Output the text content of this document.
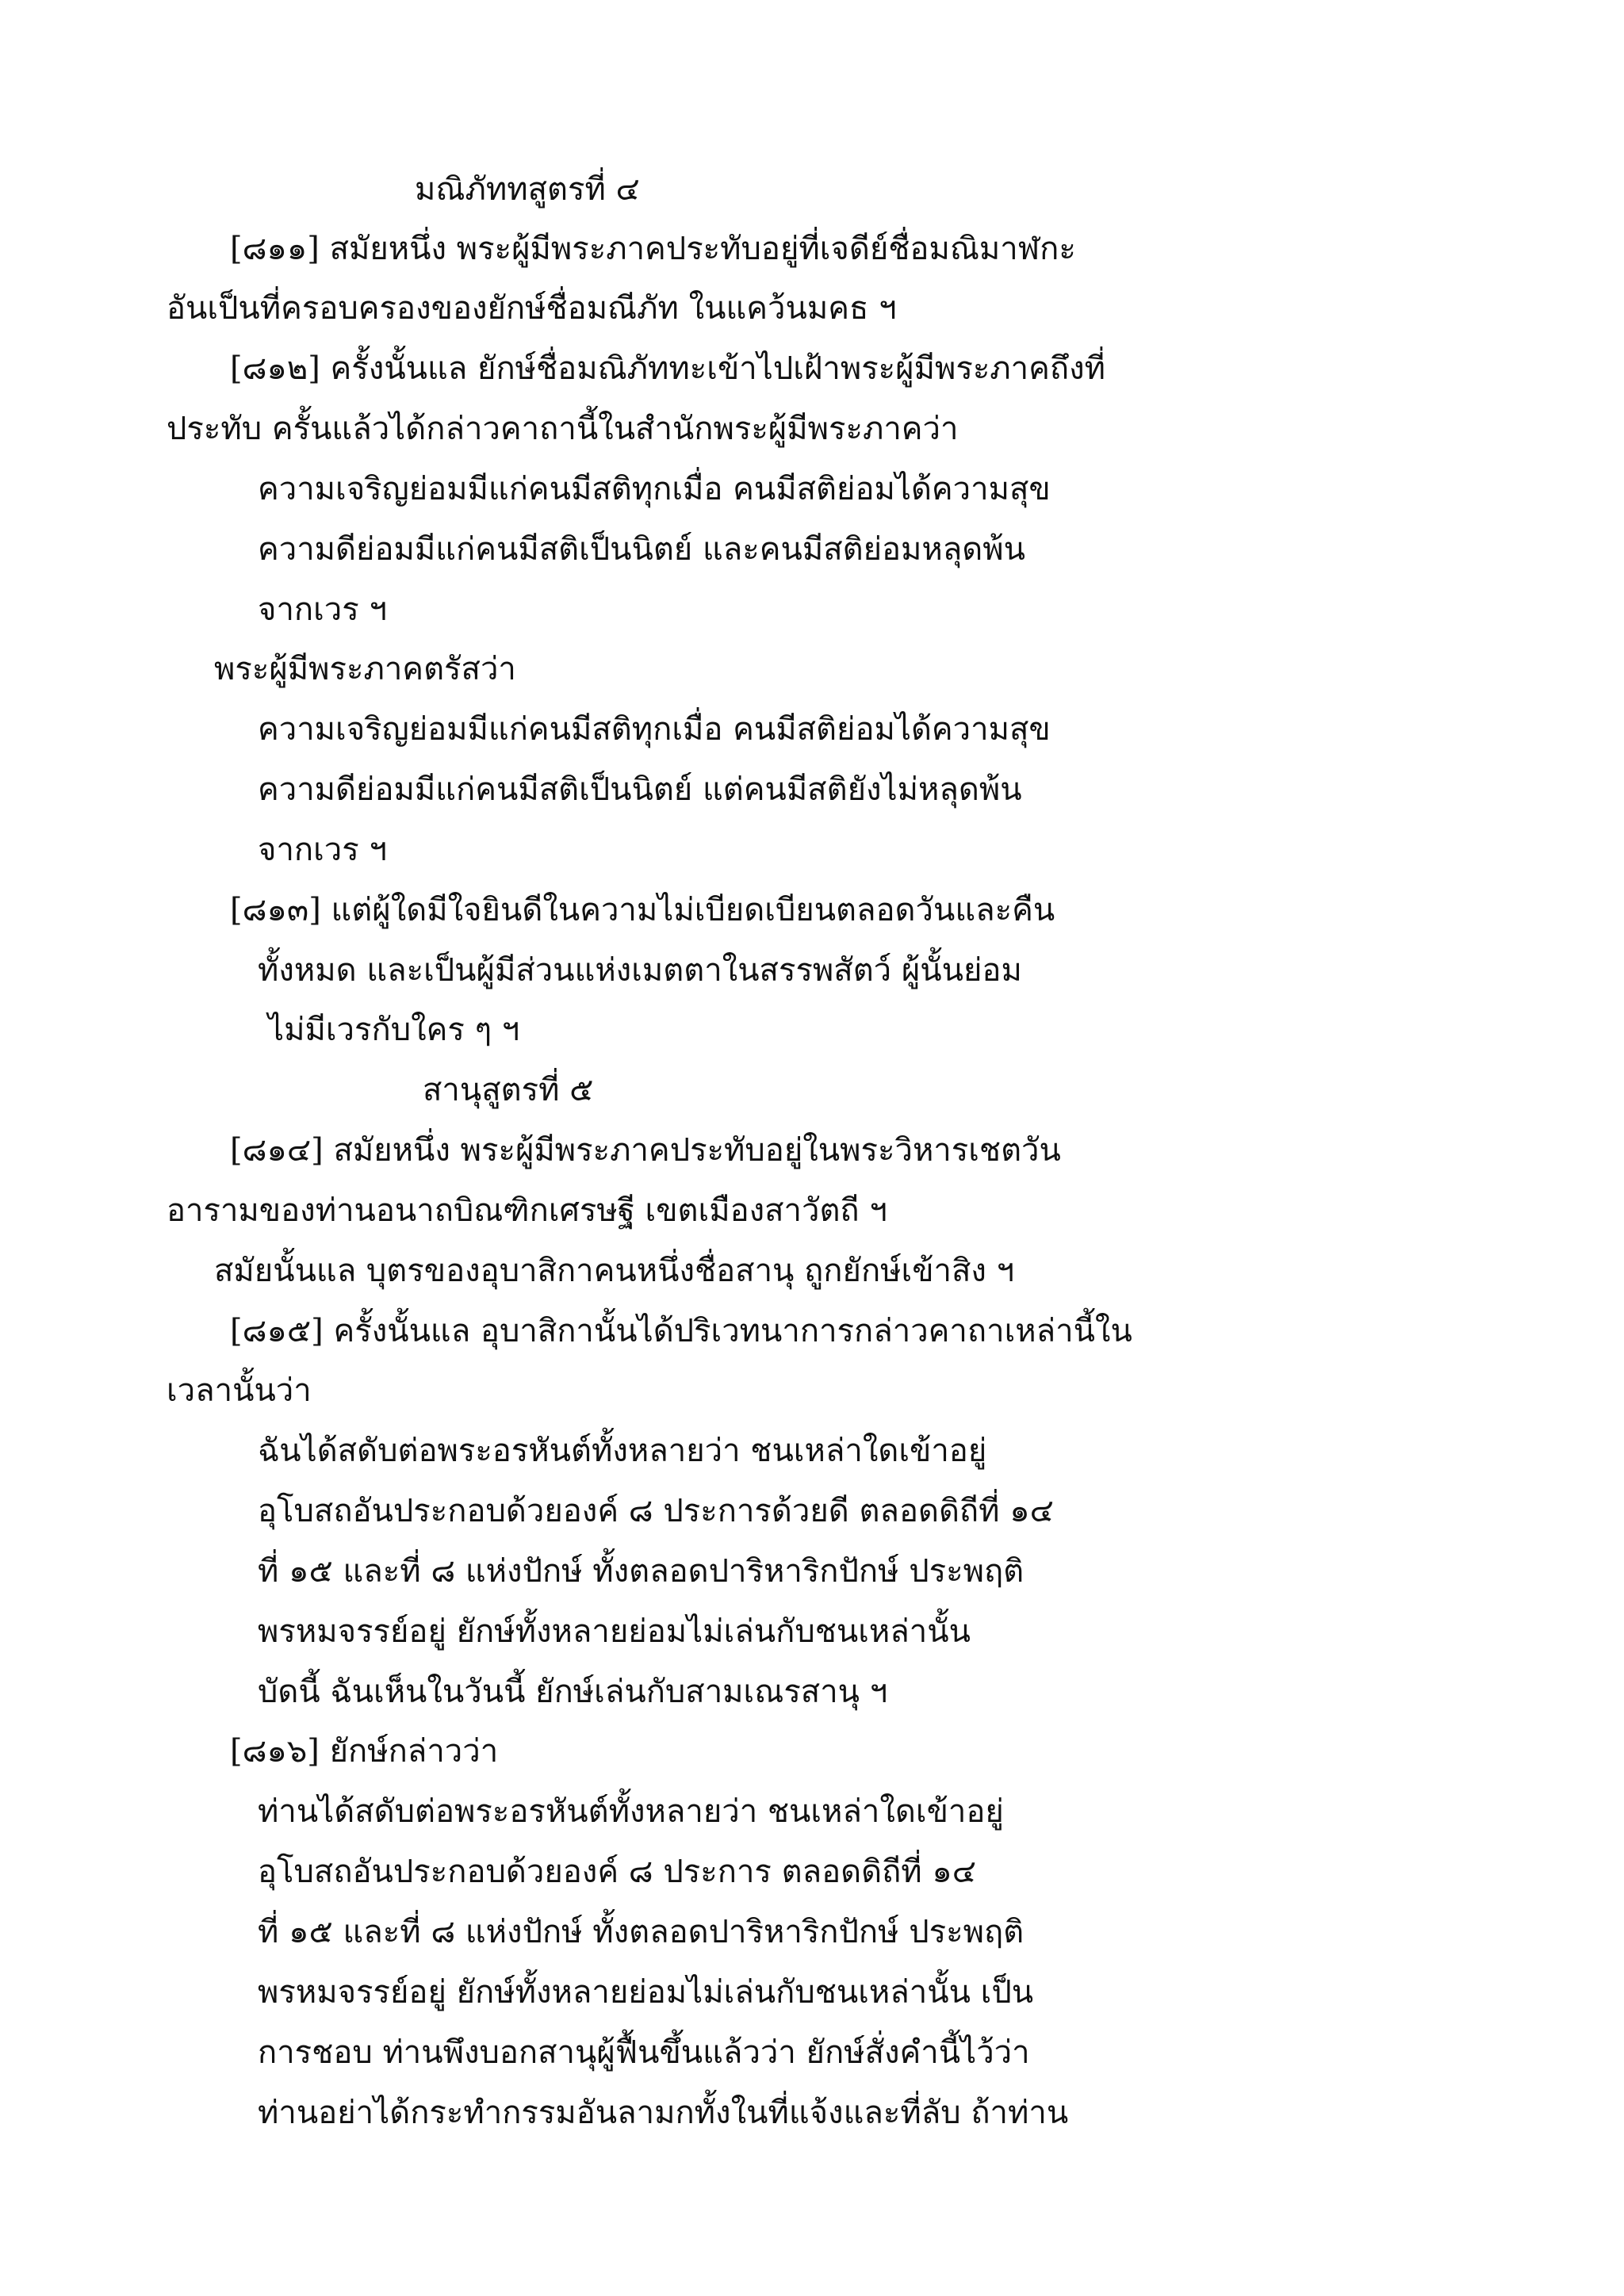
มณิภัททสูตรที่ ๔
[๘๑๑] สมัยหนึ่ง พระผู้มีพระภาคประทับอยู่ที่เจดีย์ชื่อมณิมาฬกะ
อันเป็นที่ครอบครองของยักษ์ชื่อมณีภัท ในแคว้นมคธ ฯ
[๘๑๒] ครั้งนั้นแล ยักษ์ชื่อมณิภัททะเข้าไปเฝ้าพระผู้มีพระภาคถึงที่
ประทับ ครั้นแล้วได้กล่าวคาถานี้ในสำนักพระผู้มีพระภาคว่า
ความเจริญย่อมมีแก่คนมีสติทุกเมื่อ คนมีสติย่อมได้ความสุข
ความดีย่อมมีแก่คนมีสติเป็นนิตย์ และคนมีสติย่อมหลุดพ้น
จากเวร ฯ
พระผู้มีพระภาคตรัสว่า
ความเจริญย่อมมีแก่คนมีสติทุกเมื่อ คนมีสติย่อมได้ความสุข
ความดีย่อมมีแก่คนมีสติเป็นนิตย์ แต่คนมีสติยังไม่หลุดพ้น
จากเวร ฯ
[๘๑๓] แต่ผู้ใดมีใจยินดีในความไม่เบียดเบียนตลอดวันและคืน
ทั้งหมด และเป็นผู้มีส่วนแห่งเมตตาในสรรพสัตว์ ผู้นั้นย่อม
ไม่มีเวรกับใคร ๆ ฯ
สานุสูตรที่ ๕
[๘๑๔] สมัยหนึ่ง พระผู้มีพระภาคประทับอยู่ในพระวิหารเชตวัน
อารามของท่านอนาถบิณฑิกเศรษฐี เขตเมืองสาวัตถี ฯ
สมัยนั้นแล บุตรของอุบาสิกาคนหนึ่งชื่อสานุ ถูกยักษ์เข้าสิง ฯ
[๘๑๕] ครั้งนั้นแล อุบาสิกานั้นได้ปริเวทนาการกล่าวคาถาเหล่านี้ใน
เวลานั้นว่า
ฉันได้สดับต่อพระอรหันต์ทั้งหลายว่า ชนเหล่าใดเข้าอยู่
อุโบสถอันประกอบด้วยองค์ ๘ ประการด้วยดี ตลอดดิถีที่ ๑๔
ที่ ๑๕ และที่ ๘ แห่งปักษ์ ทั้งตลอดปาริหาริกปักษ์ ประพฤติ
พรหมจรรย์อยู่ ยักษ์ทั้งหลายย่อมไม่เล่นกับชนเหล่านั้น
บัดนี้ ฉันเห็นในวันนี้ ยักษ์เล่นกับสามเณรสานุ ฯ
[๘๑๖] ยักษ์กล่าวว่า
ท่านได้สดับต่อพระอรหันต์ทั้งหลายว่า ชนเหล่าใดเข้าอยู่
อุโบสถอันประกอบด้วยองค์ ๘ ประการ ตลอดดิถีที่ ๑๔
ที่ ๑๕ และที่ ๘ แห่งปักษ์ ทั้งตลอดปาริหาริกปักษ์ ประพฤติ
พรหมจรรย์อยู่ ยักษ์ทั้งหลายย่อมไม่เล่นกับชนเหล่านั้น เป็น
การชอบ ท่านพึงบอกสานุผู้ฟื้นขึ้นแล้วว่า ยักษ์สั่งคำนี้ไว้ว่า
ท่านอย่าได้กระทำกรรมอันลามกทั้งในที่แจ้งและที่ลับ ถ้าท่าน
